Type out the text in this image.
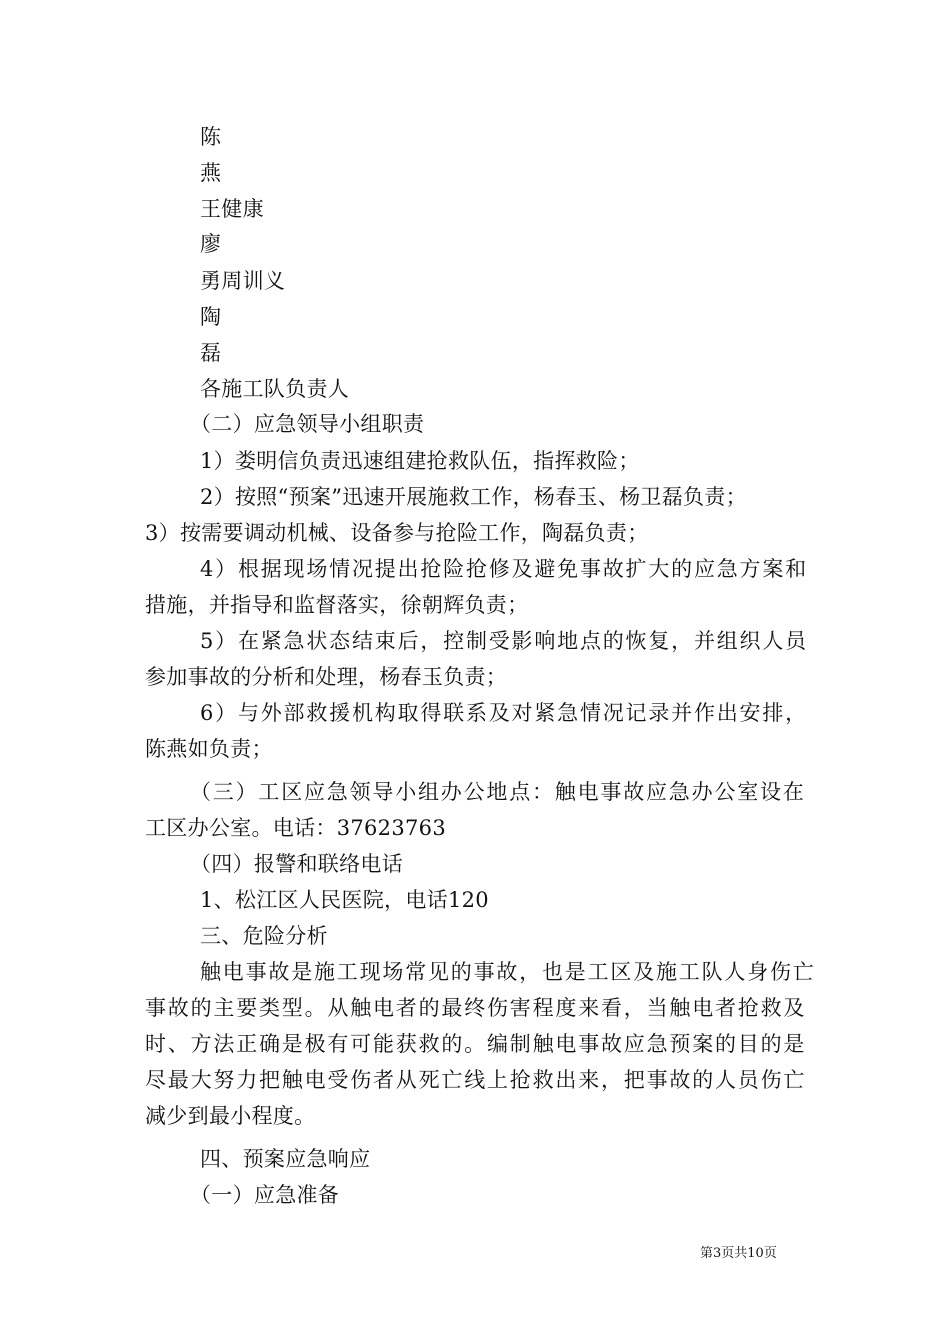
陈
燕
王健康
廖
勇周训义
陶
磊
各施工队负责人
（二）应急领导小组职责
1）娄明信负责迅速组建抢救队伍，指挥救险；
2）按照“预案”迅速开展施救工作，杨春玉、杨卫磊负责；
3）按需要调动机械、设备参与抢险工作，陶磊负责；
4）根据现场情况提出抢险抢修及避免事故扩大的应急方案和
措施，并指导和监督落实，徐朝辉负责；
5）在紧急状态结束后，控制受影响地点的恢复，并组织人员
参加事故的分析和处理，杨春玉负责；
6）与外部救援机构取得联系及对紧急情况记录并作出安排，
陈燕如负责；
（三）工区应急领导小组办公地点：触电事故应急办公室设在
工区办公室。电话：37623763
（四）报警和联络电话
1、松江区人民医院，电话120
三、危险分析
触电事故是施工现场常见的事故，也是工区及施工队人身伤亡
事故的主要类型。从触电者的最终伤害程度来看，当触电者抢救及
时、方法正确是极有可能获救的。编制触电事故应急预案的目的是
尽最大努力把触电受伤者从死亡线上抢救出来，把事故的人员伤亡
减少到最小程度。
四、预案应急响应
（一）应急准备
第3页共10页
